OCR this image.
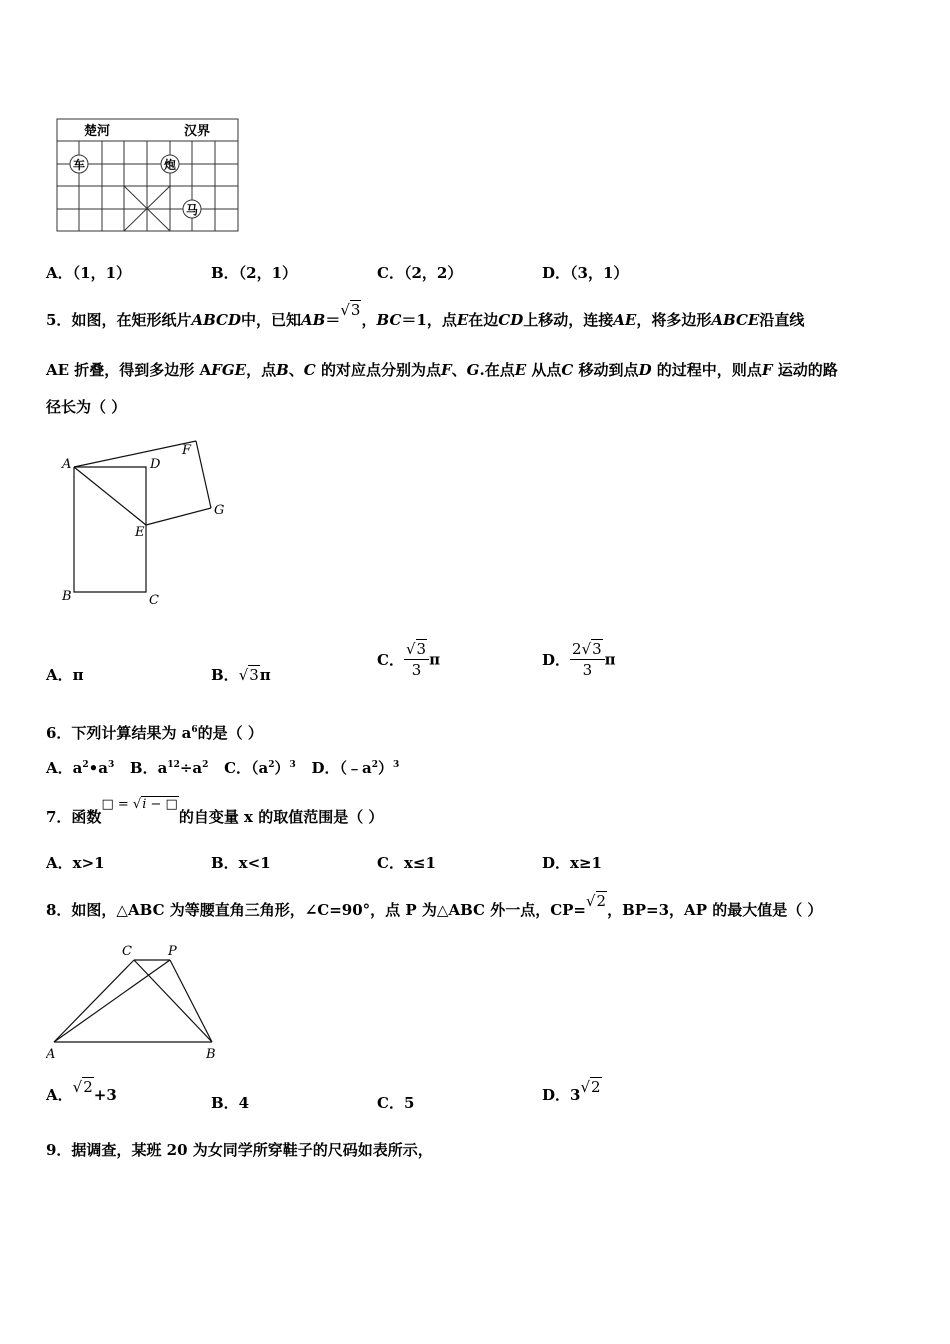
楚河	汉界
车	炮
马
A．（1，1）	B．（2，1）	C．（2，2）	D．（3，1）
5．如图，在矩形纸片ABCD中，已知AB＝√3，BC＝1，点E在边CD上移动，连接AE，将多边形ABCE沿直线
AE 折叠，得到多边形 AFGE，点B、C 的对应点分别为点F、G.在点E 从点C 移动到点D 的过程中，则点F 运动的路
径长为（ ）
A	D
F
G
E
B	C
A．π	B．√3π
C． $\frac{√3}{3}$ π	D． $\frac{2√3}{3}$ π
6．下列计算结果为 $a^6$的是（ ）
A．$a^2•a^3$ B．$a^{12}\div a^2$ C．$(a^2)^3$ D．$(﹣a^2)^3$
7．函数□ = √𝑖 − □的自变量 x 的取值范围是（ ）
A．x>1	B．x<1	C．x≤1	D．x≥1
8．如图，△ABC 为等腰直角三角形，∠C=90°，点 P 为△ABC 外一点，CP=√2，BP=3，AP 的最大值是（ ）
C	P
A	B
A．√2+3	B．4	C．5	D．3√2
9．据调查，某班 20 为女同学所穿鞋子的尺码如表所示，
